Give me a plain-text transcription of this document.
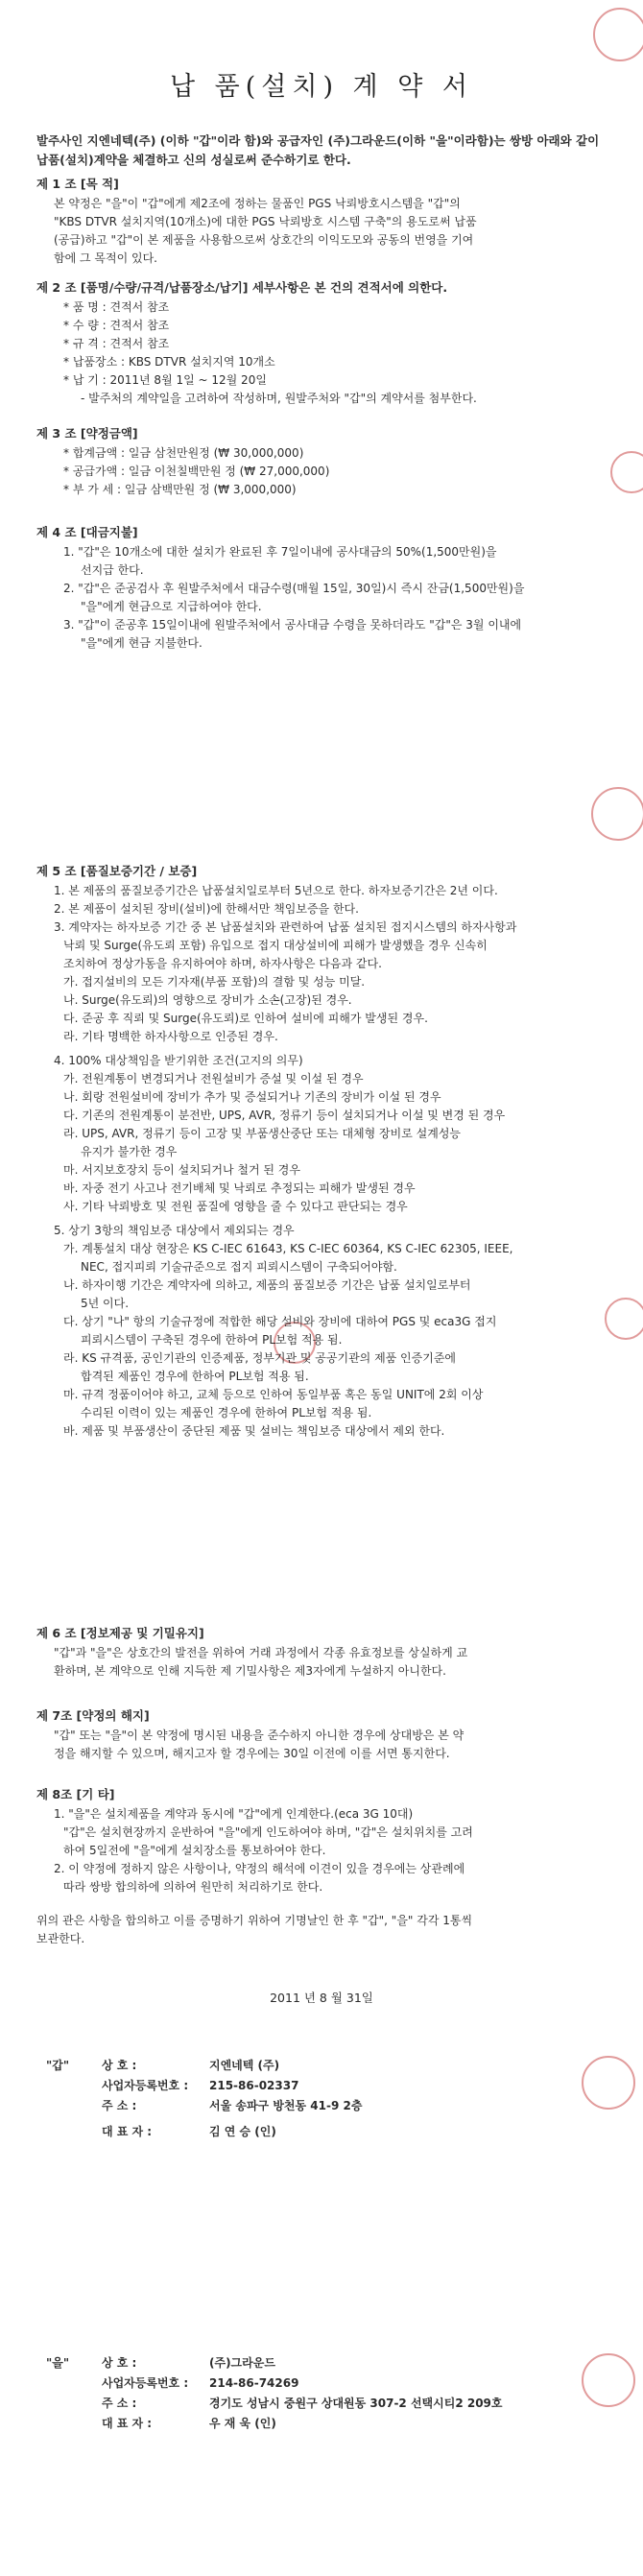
납 품(설치) 계 약 서

발주사인 지엔네텍(주) (이하 "갑"이라 함)와 공급자인 (주)그라운드(이하 "을"이라함)는 쌍방 아래와 같이 납품(설치)계약을 체결하고 신의 성실로써 준수하기로 한다.

제 1 조 [목 적]

본 약정은 "을"이 "갑"에게 제2조에 정하는 물품인 PGS 낙뢰방호시스템을 "갑"의

"KBS DTVR 설치지역(10개소)에 대한 PGS 낙뢰방호 시스템 구축"의 용도로써 납품

(공급)하고 "갑"이 본 제품을 사용함으로써 상호간의 이익도모와 공동의 번영을 기여

함에 그 목적이 있다.

제 2 조 [품명/수량/규격/납품장소/납기] 세부사항은 본 건의 견적서에 의한다.

* 품 명 : 견적서 참조

* 수 량 : 견적서 참조

* 규 격 : 견적서 참조

* 납품장소 : KBS DTVR 설치지역 10개소

* 납 기 : 2011년 8월 1일 ~ 12월 20일

- 발주처의 계약일을 고려하여 작성하며, 원발주처와 "갑"의 계약서를 첨부한다.

제 3 조 [약정금액]

* 합계금액 : 일금 삼천만원정 (₩ 30,000,000)

* 공급가액 : 일금 이천칠백만원 정 (₩ 27,000,000)

* 부 가 세 : 일금 삼백만원 정 (₩ 3,000,000)

제 4 조 [대금지불]

1. "갑"은 10개소에 대한 설치가 완료된 후 7일이내에 공사대금의 50%(1,500만원)을

선지급 한다.

2. "갑"은 준공검사 후 원발주처에서 대금수령(매월 15일, 30일)시 즉시 잔금(1,500만원)을

"을"에게 현금으로 지급하여야 한다.

3. "갑"이 준공후 15일이내에 원발주처에서 공사대금 수령을 못하더라도 "갑"은 3월 이내에

"을"에게 현금 지불한다.

제 5 조 [품질보증기간 / 보증]

1. 본 제품의 품질보증기간은 납품설치일로부터 5년으로 한다. 하자보증기간은 2년 이다.

2. 본 제품이 설치된 장비(설비)에 한해서만 책임보증을 한다.

3. 계약자는 하자보증 기간 중 본 납품설치와 관련하여 납품 설치된 접지시스템의 하자사항과

낙뢰 및 Surge(유도뢰 포함) 유입으로 접지 대상설비에 피해가 발생했을 경우 신속히

조치하여 정상가동을 유지하여야 하며, 하자사항은 다음과 같다.

가. 접지설비의 모든 기자재(부품 포함)의 결함 및 성능 미달.

나. Surge(유도뢰)의 영향으로 장비가 소손(고장)된 경우.

다. 준공 후 직뢰 및 Surge(유도뢰)로 인하여 설비에 피해가 발생된 경우.

라. 기타 명백한 하자사항으로 인증된 경우.

4. 100% 대상책임을 받기위한 조건(고지의 의무)

가. 전원계통이 변경되거나 전원설비가 증설 및 이설 된 경우

나. 회랑 전원설비에 장비가 추가 및 증설되거나 기존의 장비가 이설 된 경우

다. 기존의 전원계통이 분전반, UPS, AVR, 정류기 등이 설치되거나 이설 및 변경 된 경우

라. UPS, AVR, 정류기 등이 고장 및 부품생산중단 또는 대체형 장비로 설계성능

유지가 불가한 경우

마. 서지보호장치 등이 설치되거나 철거 된 경우

바. 자중 전기 사고나 전기배체 및 낙뢰로 추정되는 피해가 발생된 경우

사. 기타 낙뢰방호 및 전원 품질에 영향을 줄 수 있다고 판단되는 경우

5. 상기 3항의 책임보증 대상에서 제외되는 경우

가. 계통설치 대상 현장은 KS C-IEC 61643, KS C-IEC 60364, KS C-IEC 62305, IEEE,

NEC, 접지피뢰 기술규준으로 접지 피뢰시스템이 구축되어야함.

나. 하자이행 기간은 계약자에 의하고, 제품의 품질보증 기간은 납품 설치일로부터

5년 이다.

다. 상기 "나" 항의 기술규정에 적합한 해당 설비와 장비에 대하여 PGS 및 eca3G 접지

피뢰시스템이 구축된 경우에 한하여 PL보험 적용 됨.

라. KS 규격품, 공인기관의 인증제품, 정부기관 및 공공기관의 제품 인증기준에

합격된 제품인 경우에 한하여 PL보험 적용 됨.

마. 규격 정품이어야 하고, 교체 등으로 인하여 동일부품 혹은 동일 UNIT에 2회 이상

수리된 이력이 있는 제품인 경우에 한하여 PL보험 적용 됨.

바. 제품 및 부품생산이 중단된 제품 및 설비는 책임보증 대상에서 제외 한다.

제 6 조 [정보제공 및 기밀유지]

"갑"과 "을"은 상호간의 발전을 위하여 거래 과정에서 각종 유효정보를 상실하게 교

환하며, 본 계약으로 인해 지득한 제 기밀사항은 제3자에게 누설하지 아니한다.

제 7조 [약정의 해지]

"갑" 또는 "을"이 본 약정에 명시된 내용을 준수하지 아니한 경우에 상대방은 본 약

정을 해지할 수 있으며, 해지고자 할 경우에는 30일 이전에 이를 서면 통지한다.

제 8조 [기 타]

1. "을"은 설치제품을 계약과 동시에 "갑"에게 인계한다.(eca 3G 10대)

"갑"은 설치현장까지 운반하여 "을"에게 인도하여야 하며, "갑"은 설치위치를 고려

하여 5일전에 "을"에게 설치장소를 통보하여야 한다.

2. 이 약정에 정하지 않은 사항이나, 약정의 해석에 이견이 있을 경우에는 상관례에

따라 쌍방 합의하에 의하여 원만히 처리하기로 한다.

위의 관은 사항을 합의하고 이를 증명하기 위하여 기명날인 한 후 "갑", "을" 각각 1통씩

보관한다.

2011 년 8 월 31일
"갑"	상 호 :	지엔네텍 (주)
사업자등록번호 :	215-86-02337
주 소 :	서울 송파구 방천동 41-9 2층
대 표 자 :	김 연 승 (인)
"을"	상 호 :	(주)그라운드
사업자등록번호 :	214-86-74269
주 소 :	경기도 성남시 중원구 상대원동 307-2 선택시티2 209호
대 표 자 :	우 재 욱 (인)
